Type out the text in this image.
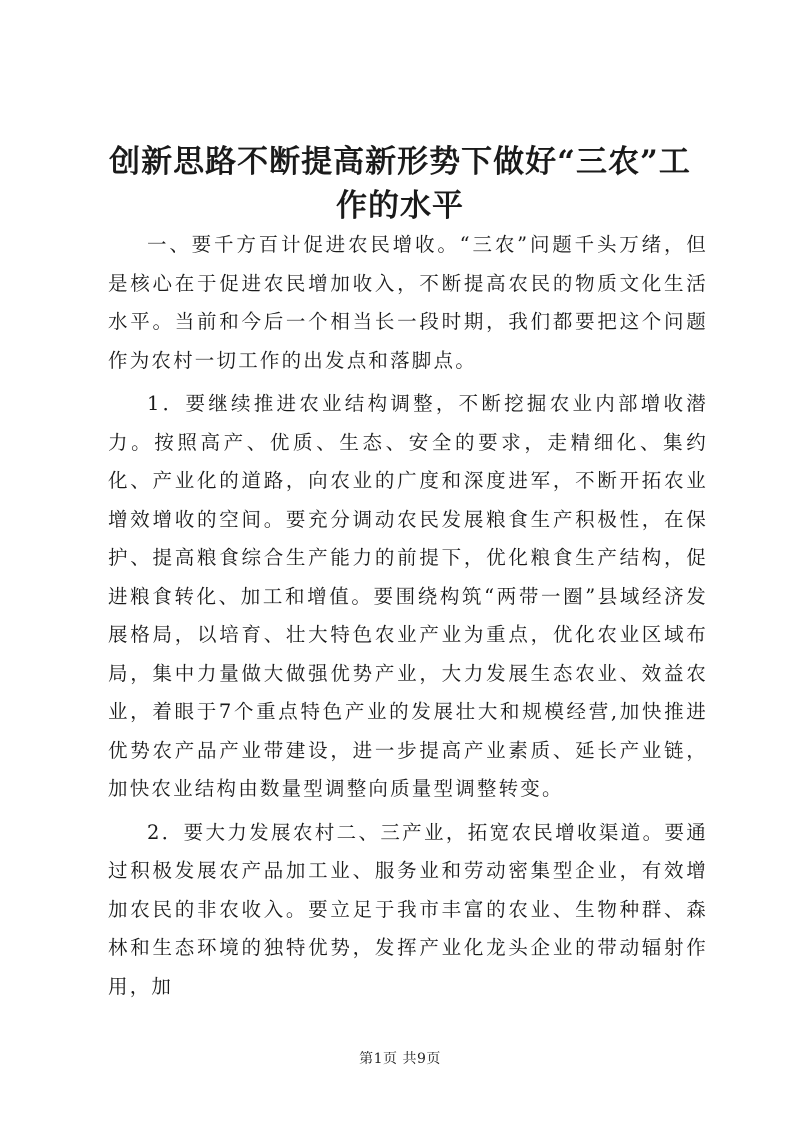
创新思路不断提高新形势下做好“三农”工作的水平

一、要千方百计促进农民增收。“三农”问题千头万绪，但是核心在于促进农民增加收入，不断提高农民的物质文化生活水平。当前和今后一个相当长一段时期，我们都要把这个问题作为农村一切工作的出发点和落脚点。

1．要继续推进农业结构调整，不断挖掘农业内部增收潜力。按照高产、优质、生态、安全的要求，走精细化、集约化、产业化的道路，向农业的广度和深度进军，不断开拓农业增效增收的空间。要充分调动农民发展粮食生产积极性，在保护、提高粮食综合生产能力的前提下，优化粮食生产结构，促进粮食转化、加工和增值。要围绕构筑“两带一圈”县域经济发展格局，以培育、壮大特色农业产业为重点，优化农业区域布局，集中力量做大做强优势产业，大力发展生态农业、效益农业，着眼于7个重点特色产业的发展壮大和规模经营,加快推进优势农产品产业带建设，进一步提高产业素质、延长产业链，加快农业结构由数量型调整向质量型调整转变。

2．要大力发展农村二、三产业，拓宽农民增收渠道。要通过积极发展农产品加工业、服务业和劳动密集型企业，有效增加农民的非农收入。要立足于我市丰富的农业、生物种群、森林和生态环境的独特优势，发挥产业化龙头企业的带动辐射作用，加

第1页 共9页
